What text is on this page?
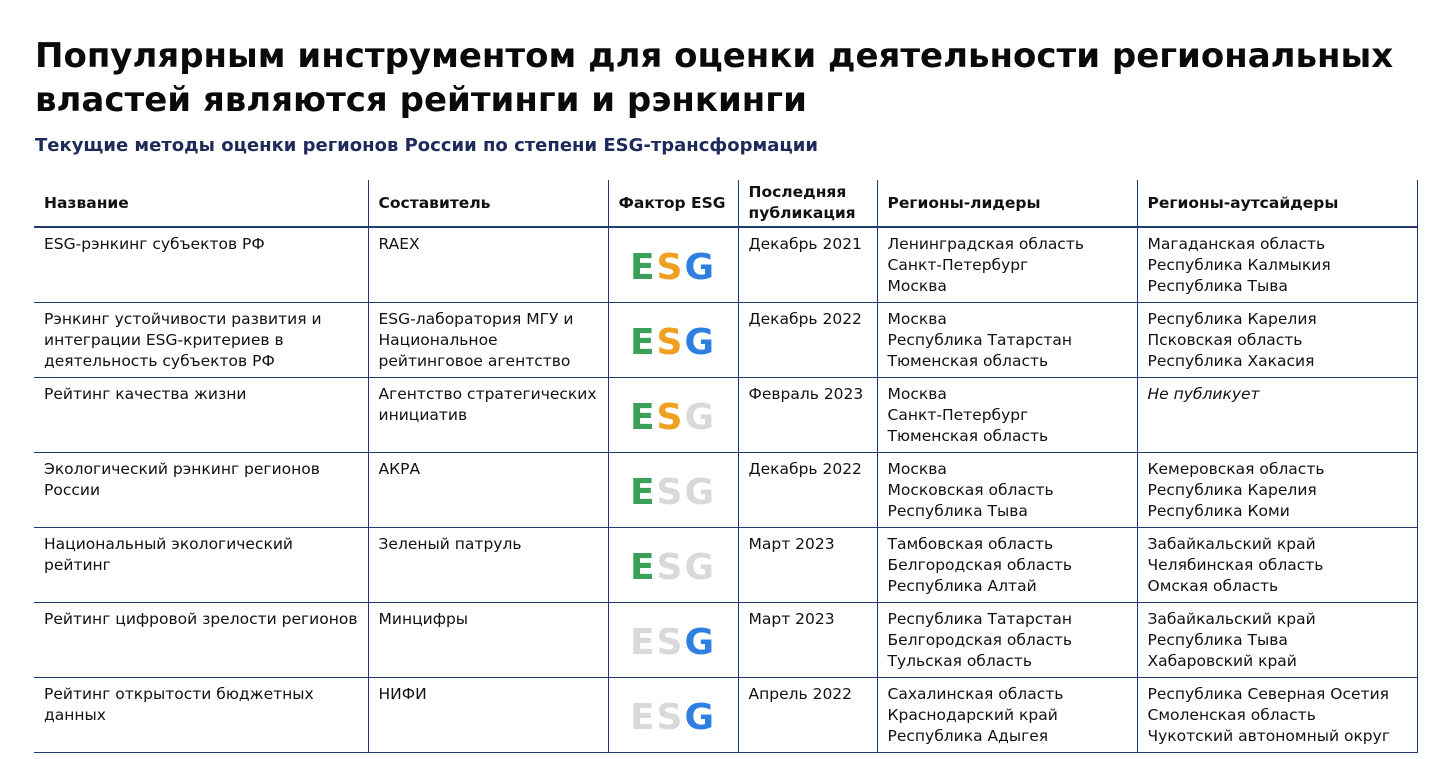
Популярным инструментом для оценки деятельности региональных властей являются рейтинги и рэнкинги
Текущие методы оценки регионов России по степени ESG-трансформации
Название	Составитель	Фактор ESG	Последняя
публикация	Регионы-лидеры	Регионы-аутсайдеры
ESG-рэнкинг субъектов РФ	RAEX	ESG	Декабрь 2021	Ленинградская область
Санкт-Петербург
Москва	Магаданская область
Республика Калмыкия
Республика Тыва

Рэнкинг устойчивости развития и интеграции ESG-критериев в деятельность субъектов РФ	ESG-лаборатория МГУ и Национальное рейтинговое агентство	ESG	Декабрь 2022	Москва
Республика Татарстан
Тюменская область	Республика Карелия
Псковская область
Республика Хакасия

Рейтинг качества жизни	Агентство стратегических инициатив	ESG	Февраль 2023	Москва
Санкт-Петербург
Тюменская область	Не публикует

Экологический рэнкинг регионов России	АКРА	ESG	Декабрь 2022	Москва
Московская область
Республика Тыва	Кемеровская область
Республика Карелия
Республика Коми

Национальный экологический рейтинг	Зеленый патруль	ESG	Март 2023	Тамбовская область
Белгородская область
Республика Алтай	Забайкальский край
Челябинская область
Омская область

Рейтинг цифровой зрелости регионов	Минцифры	ESG	Март 2023	Республика Татарстан
Белгородская область
Тульская область	Забайкальский край
Республика Тыва
Хабаровский край

Рейтинг открытости бюджетных данных	НИФИ	ESG	Апрель 2022	Сахалинская область
Краснодарский край
Республика Адыгея	Республика Северная Осетия
Смоленская область
Чукотский автономный округ
